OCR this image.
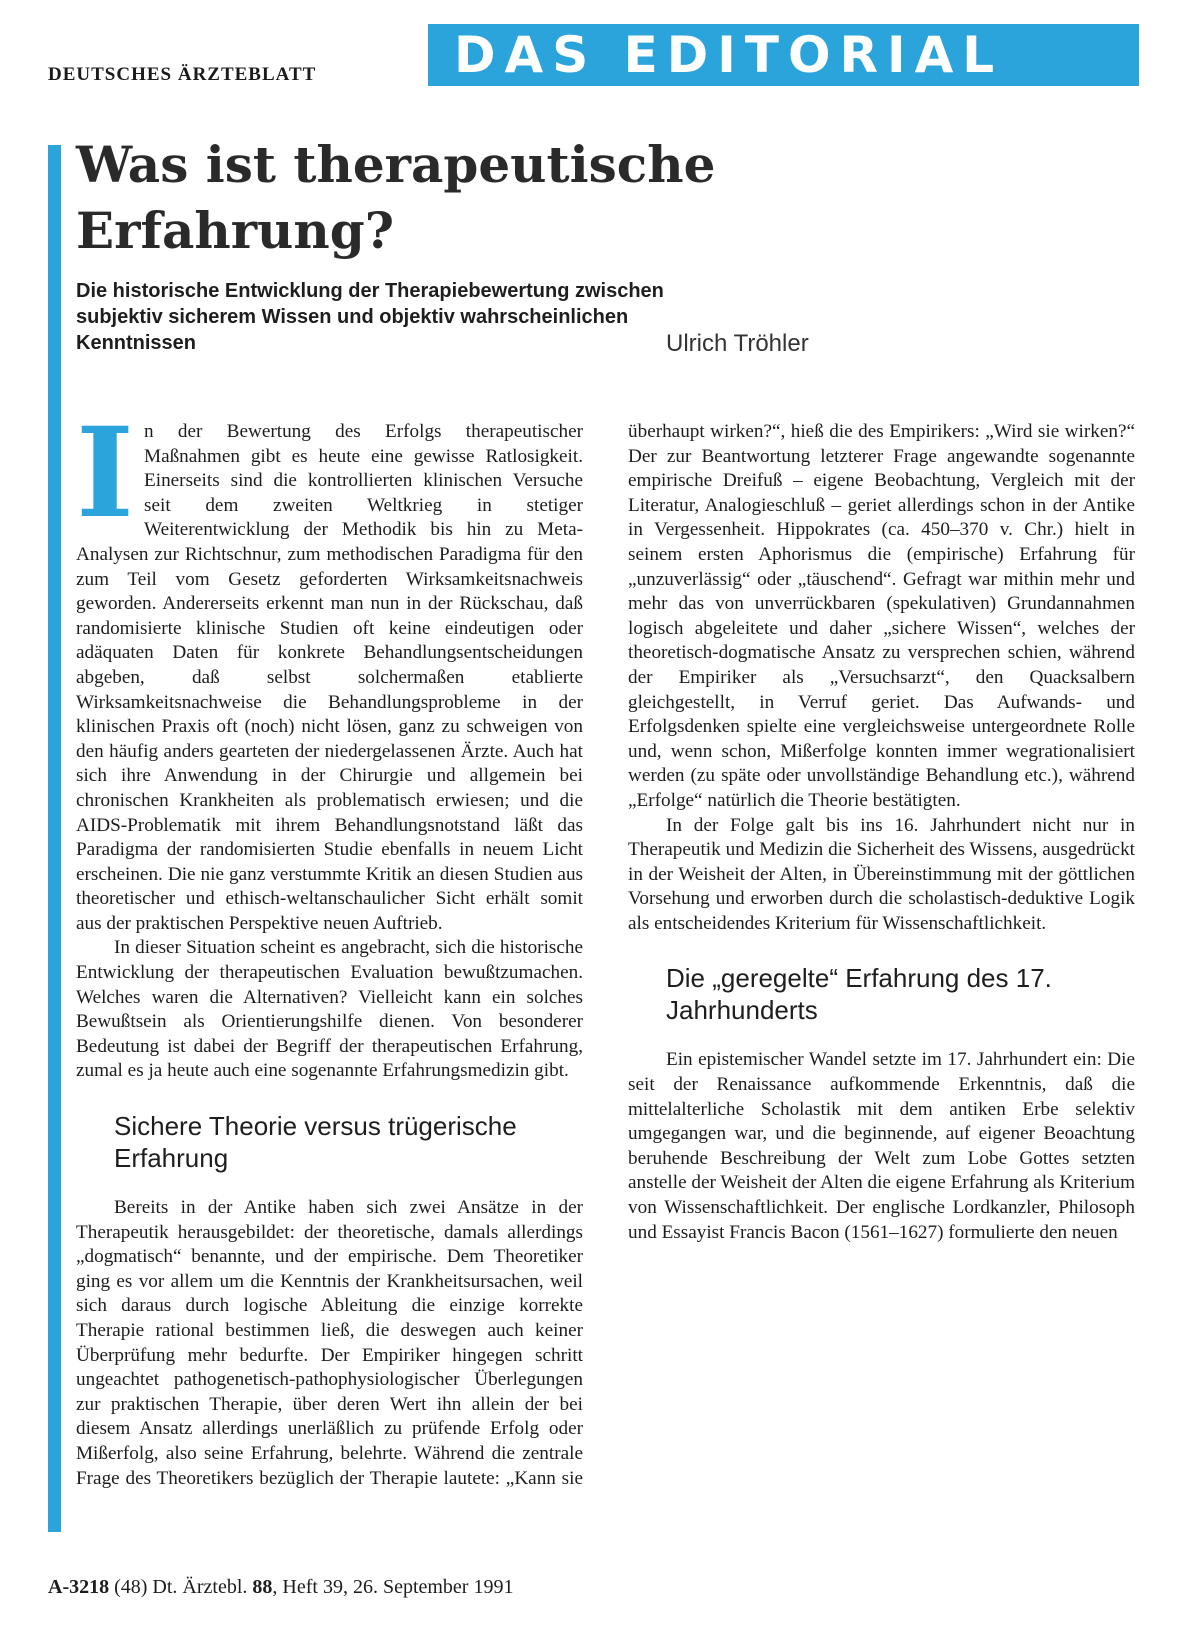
DEUTSCHES ÄRZTEBLATT	DAS EDITORIAL
Was ist therapeutische Erfahrung?

Die historische Entwicklung der Therapiebewertung zwischen subjektiv sicherem Wissen und objektiv wahrscheinlichen Kenntnissen	Ulrich Tröhler

I n der Bewertung des Erfolgs therapeutischer Maßnahmen gibt es heute eine gewisse Ratlosigkeit. Einerseits sind die kontrollierten klinischen Versuche seit dem zweiten Weltkrieg in stetiger Weiterentwicklung der Methodik bis hin zu Meta-Analysen zur Richtschnur, zum methodischen Paradigma für den zum Teil vom Gesetz geforderten Wirksamkeitsnachweis geworden. Andererseits erkennt man nun in der Rückschau, daß randomisierte klinische Studien oft keine eindeutigen oder adäquaten Daten für konkrete Behandlungsentscheidungen abgeben, daß selbst solchermaßen etablierte Wirksamkeitsnachweise die Behandlungsprobleme in der klinischen Praxis oft (noch) nicht lösen, ganz zu schweigen von den häufig anders gearteten der niedergelassenen Ärzte. Auch hat sich ihre Anwendung in der Chirurgie und allgemein bei chronischen Krankheiten als problematisch erwiesen; und die AIDS-Problematik mit ihrem Behandlungsnotstand läßt das Paradigma der randomisierten Studie ebenfalls in neuem Licht erscheinen. Die nie ganz verstummte Kritik an diesen Studien aus theoretischer und ethisch-weltanschaulicher Sicht erhält somit aus der praktischen Perspektive neuen Auftrieb.

In dieser Situation scheint es angebracht, sich die historische Entwicklung der therapeutischen Evaluation bewußtzumachen. Welches waren die Alternativen? Vielleicht kann ein solches Bewußtsein als Orientierungshilfe dienen. Von besonderer Bedeutung ist dabei der Begriff der therapeutischen Erfahrung, zumal es ja heute auch eine sogenannte Erfahrungsmedizin gibt.

Sichere Theorie versus trügerische Erfahrung

Bereits in der Antike haben sich zwei Ansätze in der Therapeutik herausgebildet: der theoretische, damals allerdings „dogmatisch“ benannte, und der empirische. Dem Theoretiker ging es vor allem um die Kenntnis der Krankheitsursachen, weil sich daraus durch logische Ableitung die einzige korrekte Therapie rational bestimmen ließ, die deswegen auch keiner Überprüfung mehr bedurfte. Der Empiriker hingegen schritt ungeachtet pathogenetisch-pathophysiologischer Überlegungen zur praktischen Therapie, über deren Wert ihn allein der bei diesem Ansatz allerdings unerläßlich zu prüfende Erfolg oder Mißerfolg, also seine Erfahrung, belehrte. Während die zentrale Frage des Theoretikers bezüglich der Therapie lautete: „Kann sie

überhaupt wirken?“, hieß die des Empirikers: „Wird sie wirken?“ Der zur Beantwortung letzterer Frage angewandte sogenannte empirische Dreifuß – eigene Beobachtung, Vergleich mit der Literatur, Analogieschluß – geriet allerdings schon in der Antike in Vergessenheit. Hippokrates (ca. 450–370 v. Chr.) hielt in seinem ersten Aphorismus die (empirische) Erfahrung für „unzuverlässig“ oder „täuschend“. Gefragt war mithin mehr und mehr das von unverrückbaren (spekulativen) Grundannahmen logisch abgeleitete und daher „sichere Wissen“, welches der theoretisch-dogmatische Ansatz zu versprechen schien, während der Empiriker als „Versuchsarzt“, den Quacksalbern gleichgestellt, in Verruf geriet. Das Aufwands- und Erfolgsdenken spielte eine vergleichsweise untergeordnete Rolle und, wenn schon, Mißerfolge konnten immer wegrationalisiert werden (zu späte oder unvollständige Behandlung etc.), während „Erfolge“ natürlich die Theorie bestätigten.

In der Folge galt bis ins 16. Jahrhundert nicht nur in Therapeutik und Medizin die Sicherheit des Wissens, ausgedrückt in der Weisheit der Alten, in Übereinstimmung mit der göttlichen Vorsehung und erworben durch die scholastisch-deduktive Logik als entscheidendes Kriterium für Wissenschaftlichkeit.

Die „geregelte“ Erfahrung des 17. Jahrhunderts

Ein epistemischer Wandel setzte im 17. Jahrhundert ein: Die seit der Renaissance aufkommende Erkenntnis, daß die mittelalterliche Scholastik mit dem antiken Erbe selektiv umgegangen war, und die beginnende, auf eigener Beoachtung beruhende Beschreibung der Welt zum Lobe Gottes setzten anstelle der Weisheit der Alten die eigene Erfahrung als Kriterium von Wissenschaftlichkeit. Der englische Lordkanzler, Philosoph und Essayist Francis Bacon (1561–1627) formulierte den neuen

A-3218 (48) Dt. Ärztebl. 88, Heft 39, 26. September 1991
